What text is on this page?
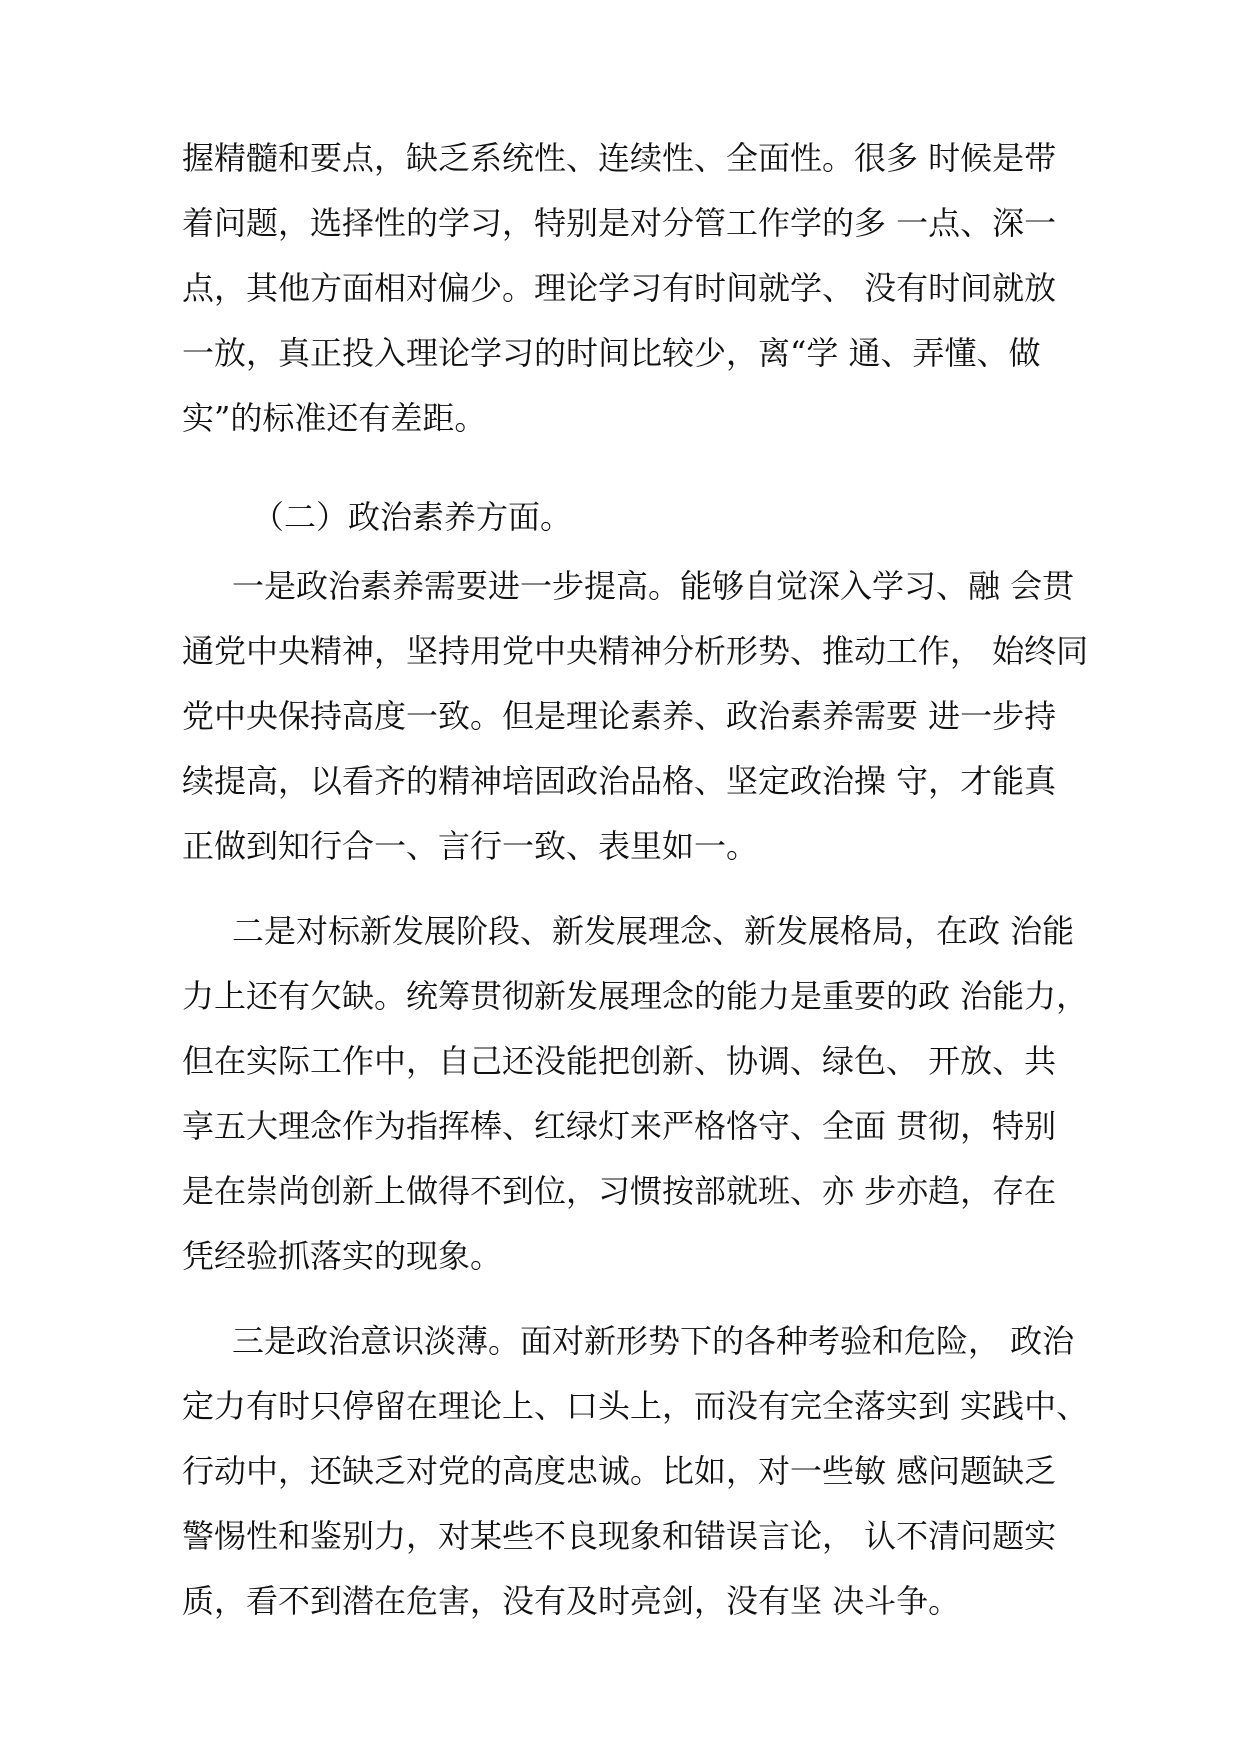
握精髓和要点，缺乏系统性、连续性、全面性。很多 时候是带
着问题，选择性的学习，特别是对分管工作学的多 一点、深一
点，其他方面相对偏少。理论学习有时间就学、 没有时间就放
一放，真正投入理论学习的时间比较少，离“学 通、弄懂、做
实”的标准还有差距。
（二）政治素养方面。
一是政治素养需要进一步提高。能够自觉深入学习、融 会贯
通党中央精神，坚持用党中央精神分析形势、推动工作， 始终同
党中央保持高度一致。但是理论素养、政治素养需要 进一步持
续提高，以看齐的精神培固政治品格、坚定政治操 守，才能真
正做到知行合一、言行一致、表里如一。
二是对标新发展阶段、新发展理念、新发展格局，在政 治能
力上还有欠缺。统筹贯彻新发展理念的能力是重要的政 治能力，
但在实际工作中，自己还没能把创新、协调、绿色、 开放、共
享五大理念作为指挥棒、红绿灯来严格恪守、全面 贯彻，特别
是在崇尚创新上做得不到位，习惯按部就班、亦 步亦趋，存在
凭经验抓落实的现象。
三是政治意识淡薄。面对新形势下的各种考验和危险， 政治
定力有时只停留在理论上、口头上，而没有完全落实到 实践中、
行动中，还缺乏对党的高度忠诚。比如，对一些敏 感问题缺乏
警惕性和鉴别力，对某些不良现象和错误言论， 认不清问题实
质，看不到潜在危害，没有及时亮剑，没有坚 决斗争。
